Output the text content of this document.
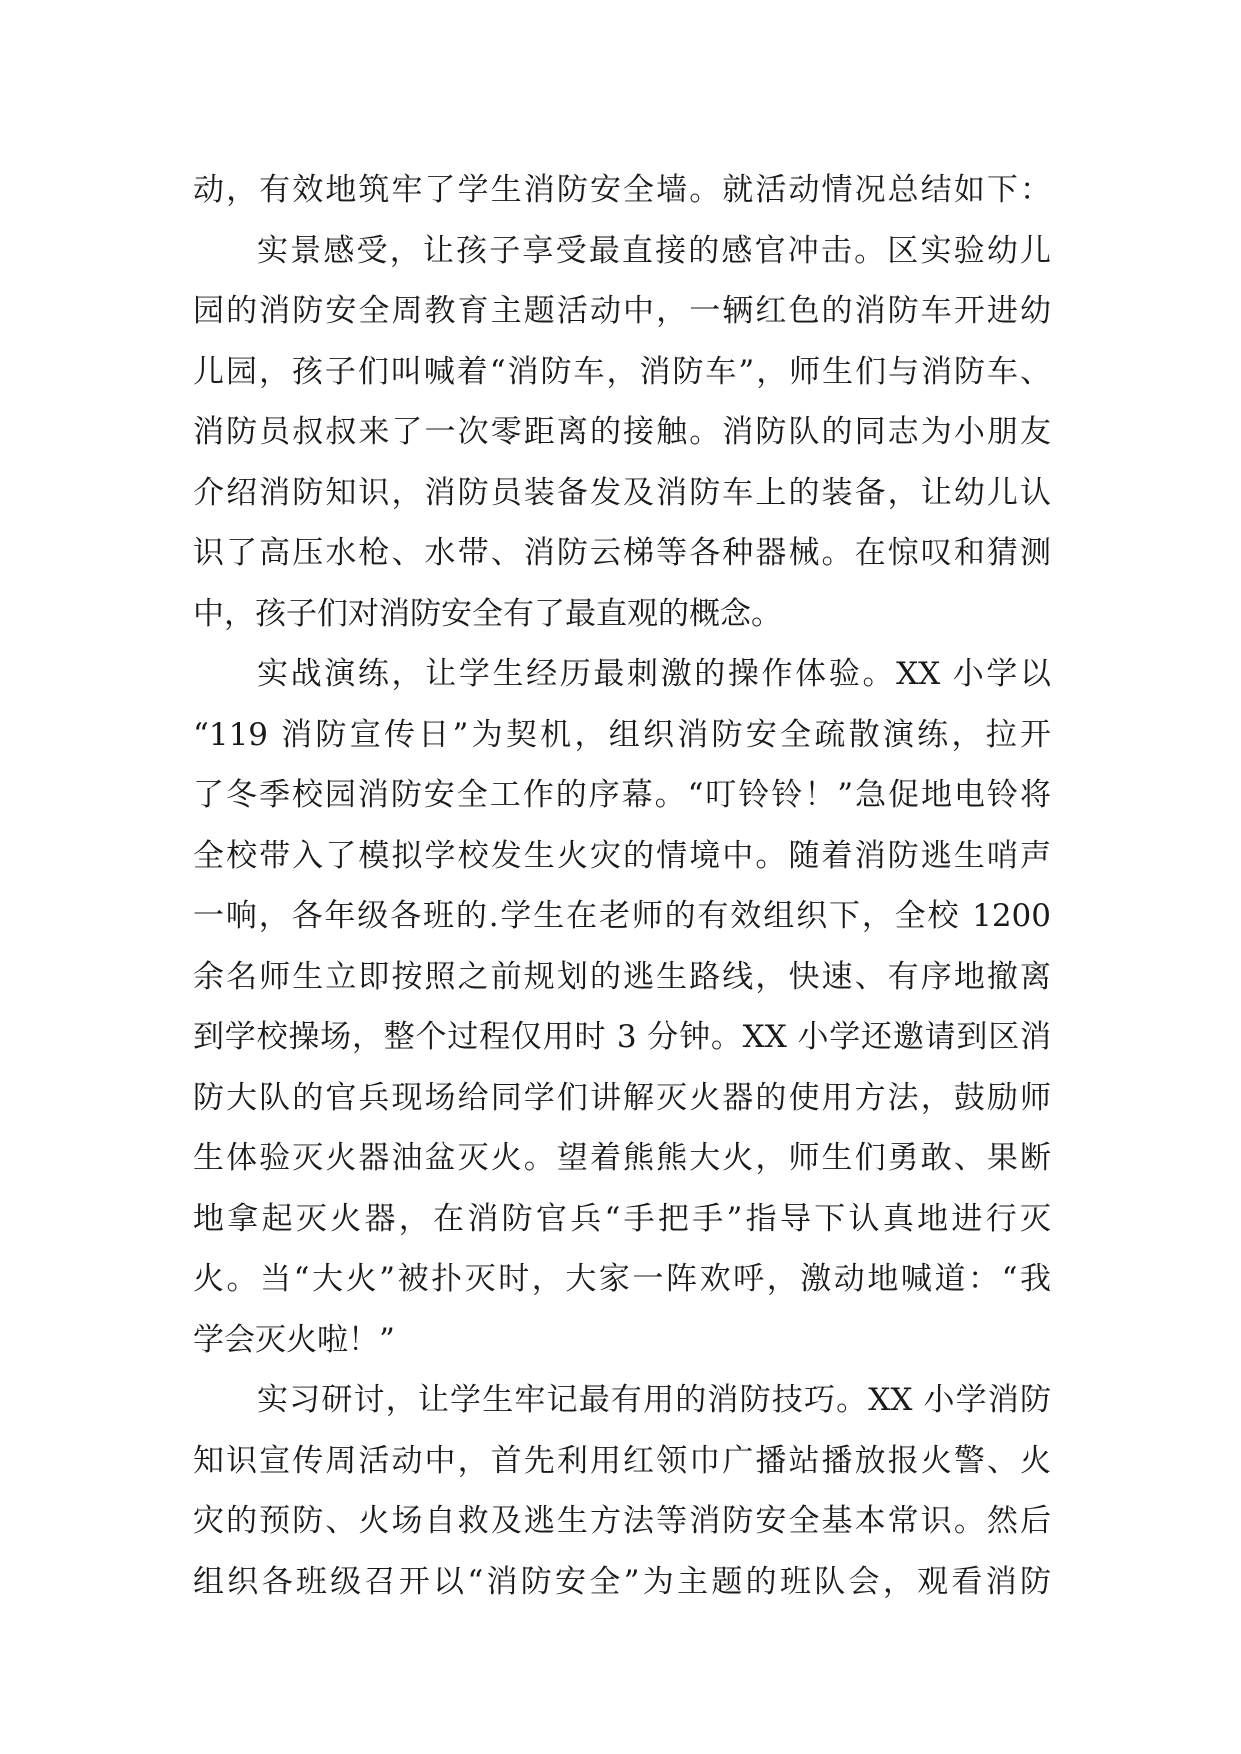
动，有效地筑牢了学生消防安全墙。就活动情况总结如下：
实景感受，让孩子享受最直接的感官冲击。区实验幼儿
园的消防安全周教育主题活动中，一辆红色的消防车开进幼
儿园，孩子们叫喊着“消防车，消防车”，师生们与消防车、
消防员叔叔来了一次零距离的接触。消防队的同志为小朋友
介绍消防知识，消防员装备发及消防车上的装备，让幼儿认
识了高压水枪、水带、消防云梯等各种器械。在惊叹和猜测
中，孩子们对消防安全有了最直观的概念。
实战演练，让学生经历最刺激的操作体验。XX 小学以
“119 消防宣传日”为契机，组织消防安全疏散演练，拉开
了冬季校园消防安全工作的序幕。“叮铃铃！”急促地电铃将
全校带入了模拟学校发生火灾的情境中。随着消防逃生哨声
一响，各年级各班的.学生在老师的有效组织下，全校 1200
余名师生立即按照之前规划的逃生路线，快速、有序地撤离
到学校操场，整个过程仅用时 3 分钟。XX 小学还邀请到区消
防大队的官兵现场给同学们讲解灭火器的使用方法，鼓励师
生体验灭火器油盆灭火。望着熊熊大火，师生们勇敢、果断
地拿起灭火器，在消防官兵“手把手”指导下认真地进行灭
火。当“大火”被扑灭时，大家一阵欢呼，激动地喊道：“我
学会灭火啦！”
实习研讨，让学生牢记最有用的消防技巧。XX 小学消防
知识宣传周活动中，首先利用红领巾广播站播放报火警、火
灾的预防、火场自救及逃生方法等消防安全基本常识。然后
组织各班级召开以“消防安全”为主题的班队会，观看消防
